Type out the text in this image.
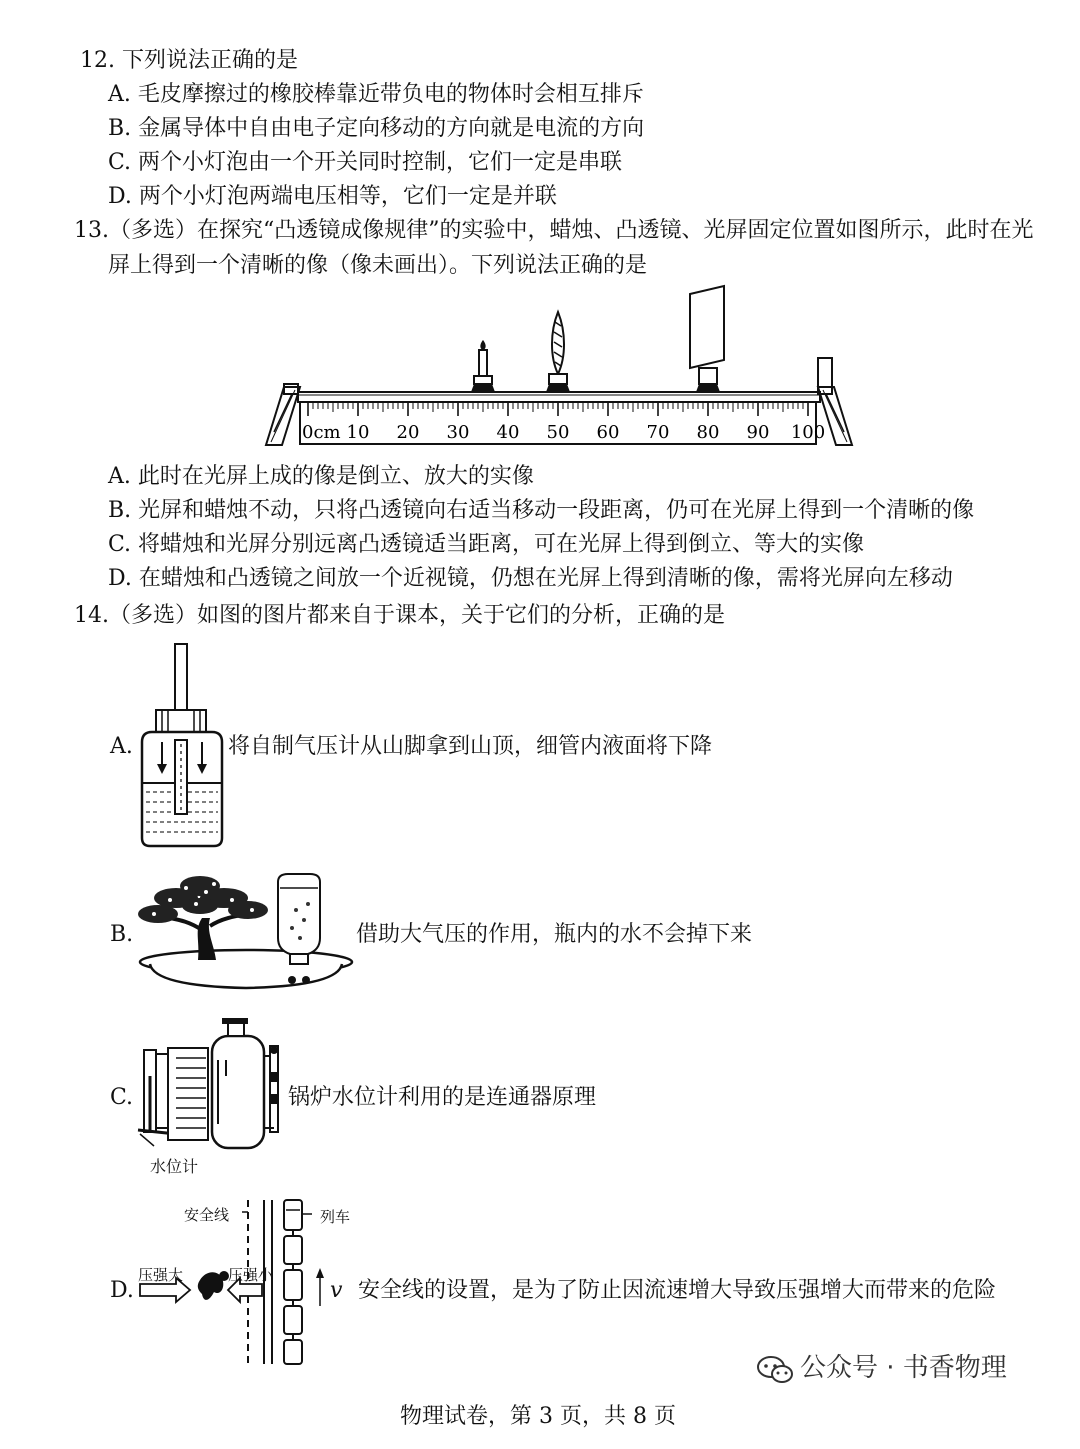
12. 下列说法正确的是
A. 毛皮摩擦过的橡胶棒靠近带负电的物体时会相互排斥
B. 金属导体中自由电子定向移动的方向就是电流的方向
C. 两个小灯泡由一个开关同时控制，它们一定是串联
D. 两个小灯泡两端电压相等，它们一定是并联
13.（多选）在探究“凸透镜成像规律”的实验中，蜡烛、凸透镜、光屏固定位置如图所示，此时在光
屏上得到一个清晰的像（像未画出）。下列说法正确的是
0cm 10 20 30 40 50 60 70 80 90 100
A. 此时在光屏上成的像是倒立、放大的实像
B. 光屏和蜡烛不动，只将凸透镜向右适当移动一段距离，仍可在光屏上得到一个清晰的像
C. 将蜡烛和光屏分别远离凸透镜适当距离，可在光屏上得到倒立、等大的实像
D. 在蜡烛和凸透镜之间放一个近视镜，仍想在光屏上得到清晰的像，需将光屏向左移动
14.（多选）如图的图片都来自于课本，关于它们的分析，正确的是
A.	将自制气压计从山脚拿到山顶，细管内液面将下降
B.	借助大气压的作用，瓶内的水不会掉下来
C.
水位计
锅炉水位计利用的是连通器原理
D.
安全线	列车
压强大	压强小
v 安全线的设置，是为了防止因流速增大导致压强增大而带来的危险
物理试卷，第 3 页，共 8 页
公众号 · 书香物理
